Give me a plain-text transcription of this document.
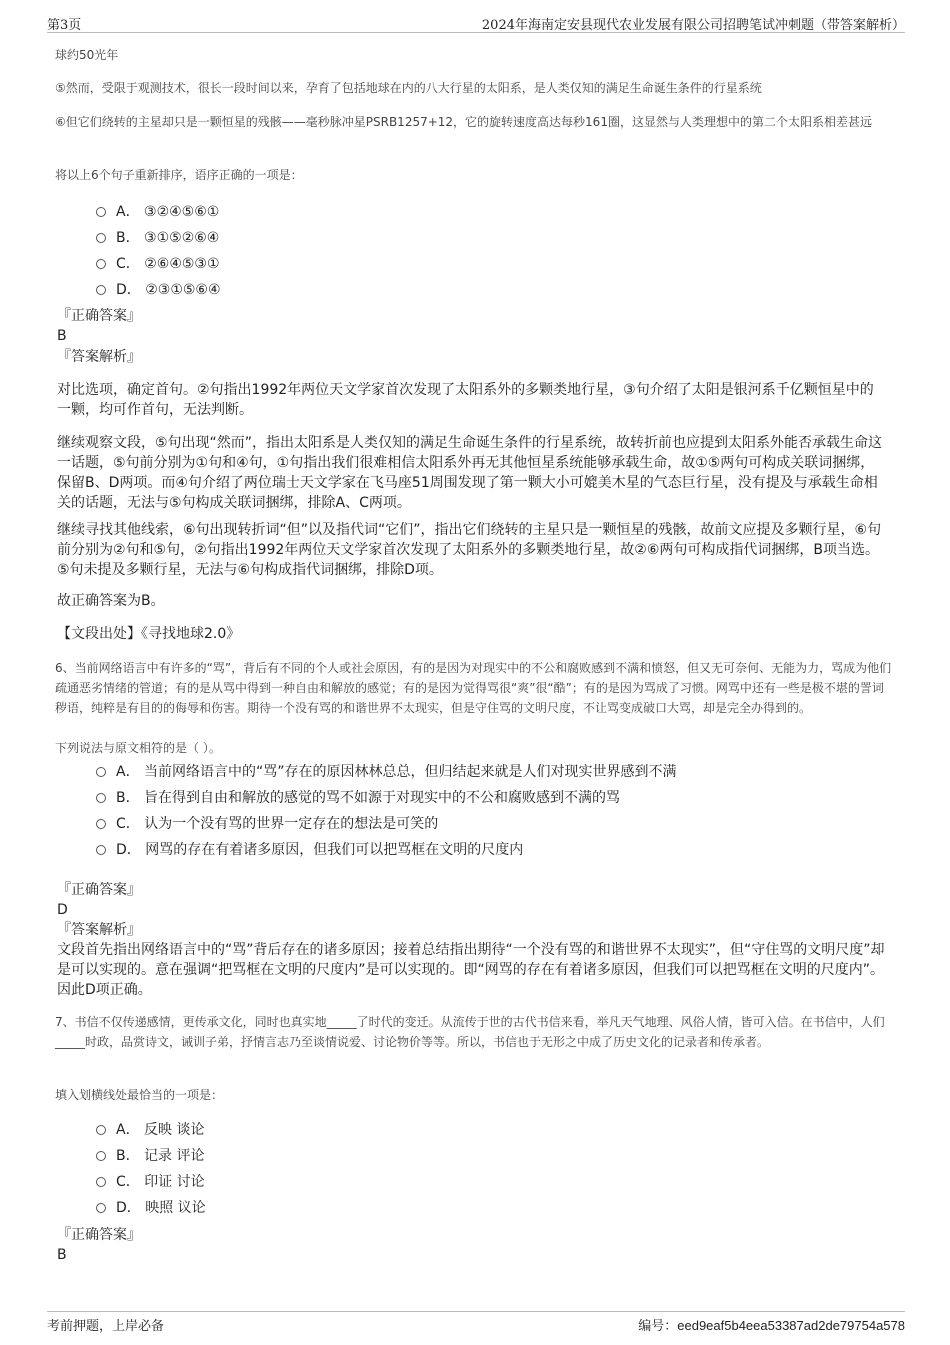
第3页	2024年海南定安县现代农业发展有限公司招聘笔试冲刺题（带答案解析）
球约50光年
⑤然而，受限于观测技术，很长一段时间以来，孕育了包括地球在内的八大行星的太阳系，是人类仅知的满足生命诞生条件的行星系统
⑥但它们绕转的主星却只是一颗恒星的残骸——毫秒脉冲星PSRB1257+12，它的旋转速度高达每秒161圈，这显然与人类理想中的第二个太阳系相差甚远
将以上6个句子重新排序，语序正确的一项是：
A． ③②④⑤⑥①
B． ③①⑤②⑥④
C． ②⑥④⑤③①
D． ②③①⑤⑥④
『正确答案』
B
『答案解析』
对比选项，确定首句。②句指出1992年两位天文学家首次发现了太阳系外的多颗类地行星，③句介绍了太阳是银河系千亿颗恒星中的一颗，均可作首句，无法判断。
继续观察文段，⑤句出现“然而”，指出太阳系是人类仅知的满足生命诞生条件的行星系统，故转折前也应提到太阳系外能否承载生命这一话题，⑤句前分别为①句和④句，①句指出我们很难相信太阳系外再无其他恒星系统能够承载生命，故①⑤两句可构成关联词捆绑，保留B、D两项。而④句介绍了两位瑞士天文学家在飞马座51周围发现了第一颗大小可媲美木星的气态巨行星，没有提及与承载生命相关的话题，无法与⑤句构成关联词捆绑，排除A、C两项。
继续寻找其他线索，⑥句出现转折词“但”以及指代词“它们”，指出它们绕转的主星只是一颗恒星的残骸，故前文应提及多颗行星，⑥句前分别为②句和⑤句，②句指出1992年两位天文学家首次发现了太阳系外的多颗类地行星，故②⑥两句可构成指代词捆绑，B项当选。⑤句未提及多颗行星，无法与⑥句构成指代词捆绑，排除D项。
故正确答案为B。
【文段出处】《寻找地球2.0》
6、当前网络语言中有许多的“骂”，背后有不同的个人或社会原因，有的是因为对现实中的不公和腐败感到不满和愤怒，但又无可奈何、无能为力，骂成为他们疏通恶劣情绪的管道；有的是从骂中得到一种自由和解放的感觉；有的是因为觉得骂很“爽”很“酷”；有的是因为骂成了习惯。网骂中还有一些是极不堪的詈词秽语，纯粹是有目的的侮辱和伤害。期待一个没有骂的和谐世界不太现实，但是守住骂的文明尺度，不让骂变成破口大骂，却是完全办得到的。
下列说法与原文相符的是（ ）。
A． 当前网络语言中的“骂”存在的原因林林总总，但归结起来就是人们对现实世界感到不满
B． 旨在得到自由和解放的感觉的骂不如源于对现实中的不公和腐败感到不满的骂
C． 认为一个没有骂的世界一定存在的想法是可笑的
D． 网骂的存在有着诸多原因，但我们可以把骂框在文明的尺度内
『正确答案』
D
『答案解析』
文段首先指出网络语言中的“骂”背后存在的诸多原因；接着总结指出期待“一个没有骂的和谐世界不太现实”，但“守住骂的文明尺度”却是可以实现的。意在强调“把骂框在文明的尺度内”是可以实现的。即“网骂的存在有着诸多原因，但我们可以把骂框在文明的尺度内”。因此D项正确。
7、书信不仅传递感情，更传承文化，同时也真实地_____了时代的变迁。从流传于世的古代书信来看，举凡天气地理、风俗人情，皆可入信。在书信中，人们_____时政，品赏诗文，诫训子弟，抒情言志乃至谈情说爱、讨论物价等等。所以，书信也于无形之中成了历史文化的记录者和传承者。
填入划横线处最恰当的一项是：
A． 反映 谈论
B． 记录 评论
C． 印证 讨论
D． 映照 议论
『正确答案』
B
考前押题，上岸必备	编号：eed9eaf5b4eea53387ad2de79754a578
